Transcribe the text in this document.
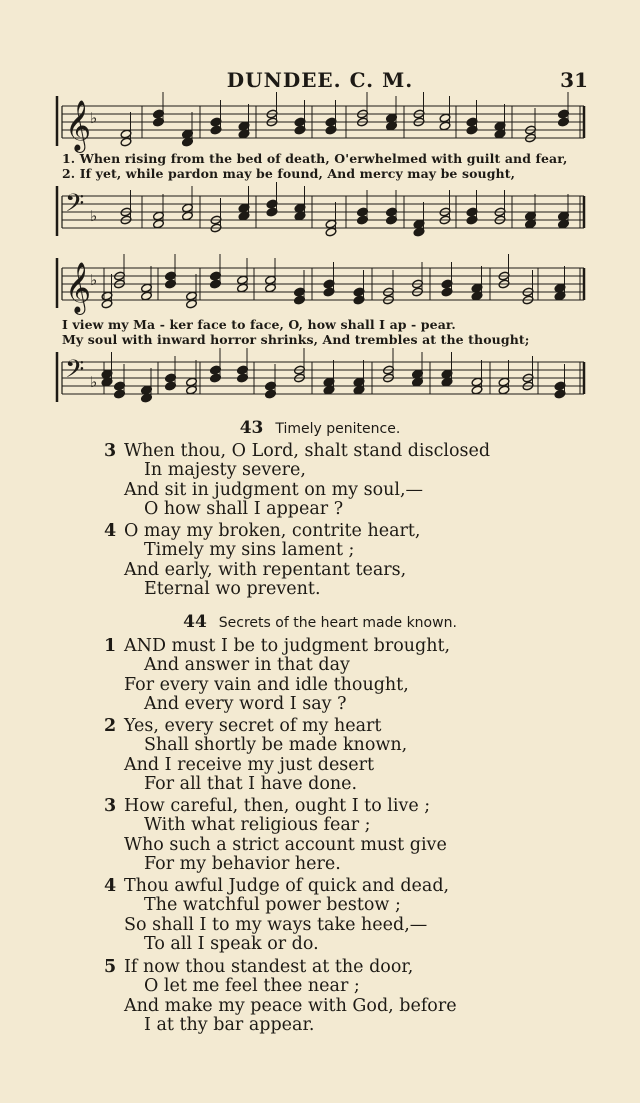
DUNDEE. C. M.	31
𝄞
♭
1. When rising from the bed of death, O'erwhelmed with guilt and fear,
2. If yet, while pardon may be found, And mercy may be sought,
𝄢 ♭
𝄞
♭
I view my Ma - ker face to face, O, how shall I ap - pear.
My soul with inward horror shrinks, And trembles at the thought;
𝄢 ♭
43 Timely penitence.
3 When thou, O Lord, shalt stand disclosed
In majesty severe,
And sit in judgment on my soul,—
O how shall I appear ?
4 O may my broken, contrite heart,
Timely my sins lament ;
And early, with repentant tears,
Eternal wo prevent.
44 Secrets of the heart made known.
1 AND must I be to judgment brought,
And answer in that day
For every vain and idle thought,
And every word I say ?
2 Yes, every secret of my heart
Shall shortly be made known,
And I receive my just desert
For all that I have done.
3 How careful, then, ought I to live ;
With what religious fear ;
Who such a strict account must give
For my behavior here.
4 Thou awful Judge of quick and dead,
The watchful power bestow ;
So shall I to my ways take heed,—
To all I speak or do.
5 If now thou standest at the door,
O let me feel thee near ;
And make my peace with God, before
I at thy bar appear.
